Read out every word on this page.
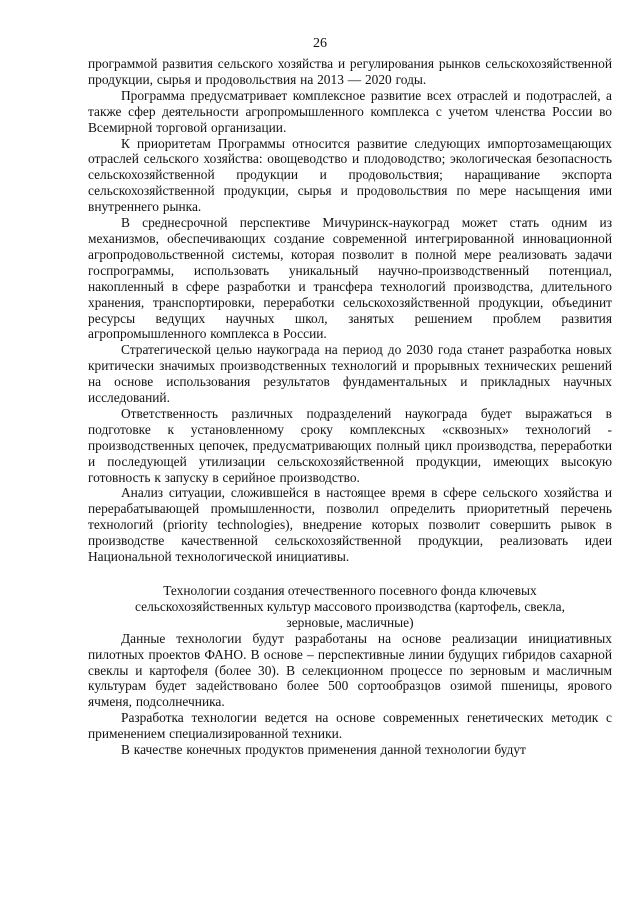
26

программой развития сельского хозяйства и регулирования рынков сельскохозяйственной продукции, сырья и продовольствия на 2013 — 2020 годы.

Программа предусматривает комплексное развитие всех отраслей и подотраслей, а также сфер деятельности агропромышленного комплекса с учетом членства России во Всемирной торговой организации.

К приоритетам Программы относится развитие следующих импортозамещающих отраслей сельского хозяйства: овощеводство и плодоводство; экологическая безопасность сельскохозяйственной продукции и продовольствия; наращивание экспорта сельскохозяйственной продукции, сырья и продовольствия по мере насыщения ими внутреннего рынка.

В среднесрочной перспективе Мичуринск-наукоград может стать одним из механизмов, обеспечивающих создание современной интегрированной инновационной агропродовольственной системы, которая позволит в полной мере реализовать задачи госпрограммы, использовать уникальный научно-производственный потенциал, накопленный в сфере разработки и трансфера технологий производства, длительного хранения, транспортировки, переработки сельскохозяйственной продукции, объединит ресурсы ведущих научных школ, занятых решением проблем развития агропромышленного комплекса в России.

Стратегической целью наукограда на период до 2030 года станет разработка новых критически значимых производственных технологий и прорывных технических решений на основе использования результатов фундаментальных и прикладных научных исследований.

Ответственность различных подразделений наукограда будет выражаться в подготовке к установленному сроку комплексных «сквозных» технологий - производственных цепочек, предусматривающих полный цикл производства, переработки и последующей утилизации сельскохозяйственной продукции, имеющих высокую готовность к запуску в серийное производство.

Анализ ситуации, сложившейся в настоящее время в сфере сельского хозяйства и перерабатывающей промышленности, позволил определить приоритетный перечень технологий (priority technologies), внедрение которых позволит совершить рывок в производстве качественной сельскохозяйственной продукции, реализовать идеи Национальной технологической инициативы.

Технологии создания отечественного посевного фонда ключевых
сельскохозяйственных культур массового производства (картофель, свекла,
зерновые, масличные)

Данные технологии будут разработаны на основе реализации инициативных пилотных проектов ФАНО. В основе – перспективные линии будущих гибридов сахарной свеклы и картофеля (более 30). В селекционном процессе по зерновым и масличным культурам будет задействовано более 500 сортообразцов озимой пшеницы, ярового ячменя, подсолнечника.

Разработка технологии ведется на основе современных генетических методик с применением специализированной техники.

В качестве конечных продуктов применения данной технологии будут
